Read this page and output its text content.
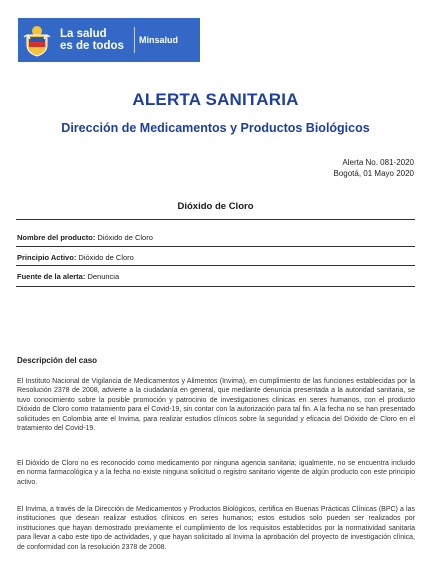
La salud
es de todos	Minsalud
ALERTA SANITARIA
Dirección de Medicamentos y Productos Biológicos
Alerta No. 081-2020
Bogotá, 01 Mayo 2020
Dióxido de Cloro
Nombre del producto: Dióxido de Cloro
Principio Activo: Dióxido de Cloro
Fuente de la alerta: Denuncia
Descripción del caso

El Instituto Nacional de Vigilancia de Medicamentos y Alimentos (Invima), en cumplimiento de las funciones establecidas por la Resolución 2378 de 2008, advierte a la ciudadanía en general, que mediante denuncia presentada a la autoridad sanitaria, se tuvo conocimiento sobre la posible promoción y patrocinio de investigaciones clínicas en seres humanos, con el producto Dióxido de Cloro como tratamiento para el Covid-19, sin contar con la autorización para tal fin. A la fecha no se han presentado solicitudes en Colombia ante el Invima, para realizar estudios clínicos sobre la seguridad y eficacia del Dióxido de Cloro en el tratamiento del Covid-19.

El Dióxido de Cloro no es reconocido como medicamento por ninguna agencia sanitaria; igualmente, no se encuentra incluido en norma farmacológica y a la fecha no existe ninguna solicitud o registro sanitario vigente de algún producto con este principio activo.

El Invima, a través de la Dirección de Medicamentos y Productos Biológicos, certifica en Buenas Prácticas Clínicas (BPC) a las instituciones que desean realizar estudios clínicos en seres humanos; estos estudios solo pueden ser realizados por instituciones que hayan demostrado previamente el cumplimiento de los requisitos establecidos por la normatividad sanitaria para llevar a cabo este tipo de actividades, y que hayan solicitado al Invima la aprobación del proyecto de investigación clínica, de conformidad con la resolución 2378 de 2008.
